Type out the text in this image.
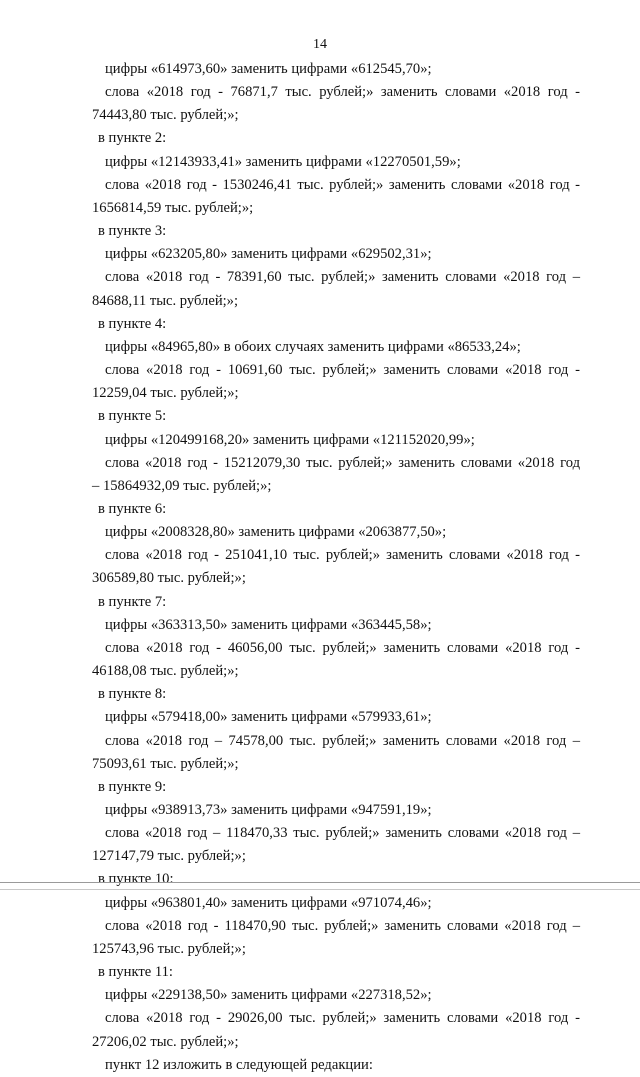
14
цифры «614973,60» заменить цифрами «612545,70»;
слова «2018 год - 76871,7 тыс. рублей;» заменить словами «2018 год -
74443,80 тыс. рублей;»;
в пункте 2:
цифры «12143933,41» заменить цифрами «12270501,59»;
слова «2018 год - 1530246,41 тыс. рублей;» заменить словами «2018 год -
1656814,59 тыс. рублей;»;
в пункте 3:
цифры «623205,80» заменить цифрами «629502,31»;
слова «2018 год - 78391,60 тыс. рублей;» заменить словами «2018 год –
84688,11 тыс. рублей;»;
в пункте 4:
цифры «84965,80» в обоих случаях заменить цифрами «86533,24»;
слова «2018 год - 10691,60 тыс. рублей;» заменить словами «2018 год -
12259,04 тыс. рублей;»;
в пункте 5:
цифры «120499168,20» заменить цифрами «121152020,99»;
слова «2018 год - 15212079,30 тыс. рублей;» заменить словами «2018 год
– 15864932,09 тыс. рублей;»;
в пункте 6:
цифры «2008328,80» заменить цифрами «2063877,50»;
слова «2018 год - 251041,10 тыс. рублей;» заменить словами «2018 год -
306589,80 тыс. рублей;»;
в пункте 7:
цифры «363313,50» заменить цифрами «363445,58»;
слова «2018 год - 46056,00 тыс. рублей;» заменить словами «2018 год -
46188,08 тыс. рублей;»;
в пункте 8:
цифры «579418,00» заменить цифрами «579933,61»;
слова «2018 год – 74578,00 тыс. рублей;» заменить словами «2018 год –
75093,61 тыс. рублей;»;
в пункте 9:
цифры «938913,73» заменить цифрами «947591,19»;
слова «2018 год – 118470,33 тыс. рублей;» заменить словами «2018 год –
127147,79 тыс. рублей;»;
в пункте 10:
цифры «963801,40» заменить цифрами «971074,46»;
слова «2018 год - 118470,90 тыс. рублей;» заменить словами «2018 год –
125743,96 тыс. рублей;»;
в пункте 11:
цифры «229138,50» заменить цифрами «227318,52»;
слова «2018 год - 29026,00 тыс. рублей;» заменить словами «2018 год -
27206,02 тыс. рублей;»;
пункт 12 изложить в следующей редакции:
